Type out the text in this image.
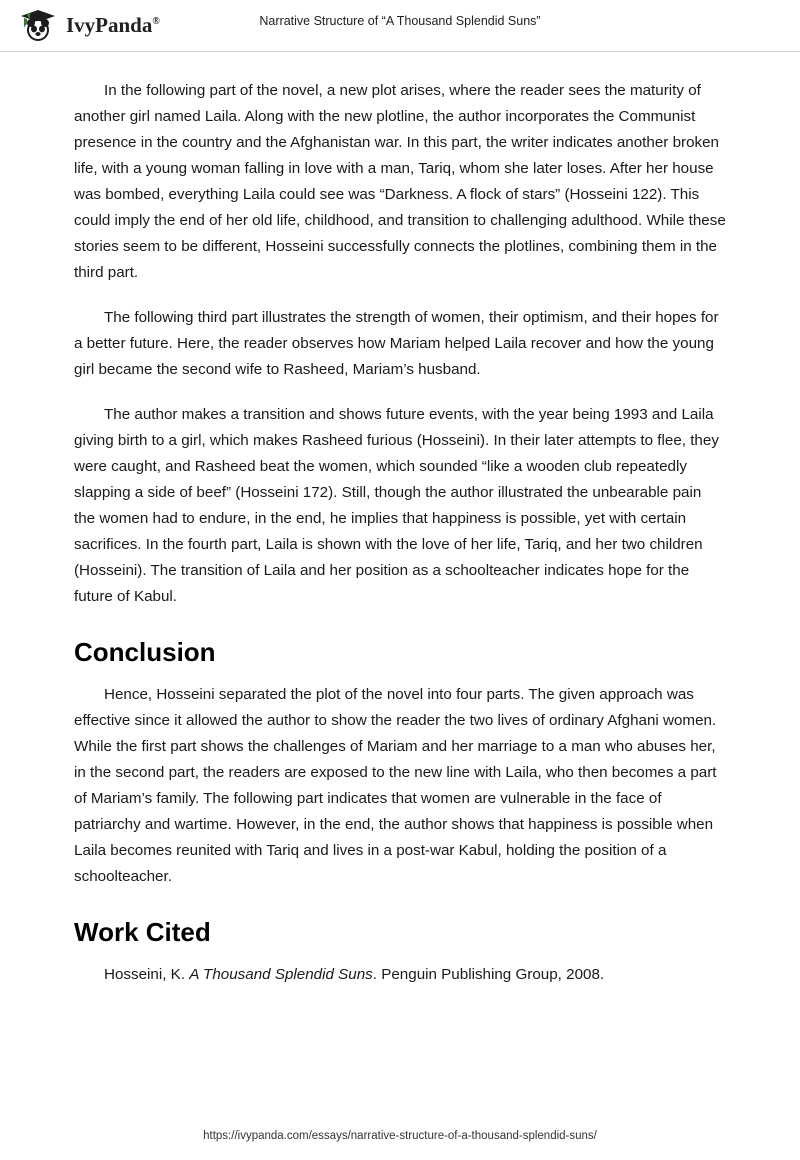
IvyPanda®	Narrative Structure of “A Thousand Splendid Suns”

In the following part of the novel, a new plot arises, where the reader sees the maturity of another girl named Laila. Along with the new plotline, the author incorporates the Communist presence in the country and the Afghanistan war. In this part, the writer indicates another broken life, with a young woman falling in love with a man, Tariq, whom she later loses. After her house was bombed, everything Laila could see was “Darkness. A flock of stars” (Hosseini 122). This could imply the end of her old life, childhood, and transition to challenging adulthood. While these stories seem to be different, Hosseini successfully connects the plotlines, combining them in the third part.

The following third part illustrates the strength of women, their optimism, and their hopes for a better future. Here, the reader observes how Mariam helped Laila recover and how the young girl became the second wife to Rasheed, Mariam’s husband.

The author makes a transition and shows future events, with the year being 1993 and Laila giving birth to a girl, which makes Rasheed furious (Hosseini). In their later attempts to flee, they were caught, and Rasheed beat the women, which sounded “like a wooden club repeatedly slapping a side of beef” (Hosseini 172). Still, though the author illustrated the unbearable pain the women had to endure, in the end, he implies that happiness is possible, yet with certain sacrifices. In the fourth part, Laila is shown with the love of her life, Tariq, and her two children (Hosseini). The transition of Laila and her position as a schoolteacher indicates hope for the future of Kabul.

Conclusion

Hence, Hosseini separated the plot of the novel into four parts. The given approach was effective since it allowed the author to show the reader the two lives of ordinary Afghani women. While the first part shows the challenges of Mariam and her marriage to a man who abuses her, in the second part, the readers are exposed to the new line with Laila, who then becomes a part of Mariam’s family. The following part indicates that women are vulnerable in the face of patriarchy and wartime. However, in the end, the author shows that happiness is possible when Laila becomes reunited with Tariq and lives in a post-war Kabul, holding the position of a schoolteacher.

Work Cited

Hosseini, K. A Thousand Splendid Suns. Penguin Publishing Group, 2008.

https://ivypanda.com/essays/narrative-structure-of-a-thousand-splendid-suns/
